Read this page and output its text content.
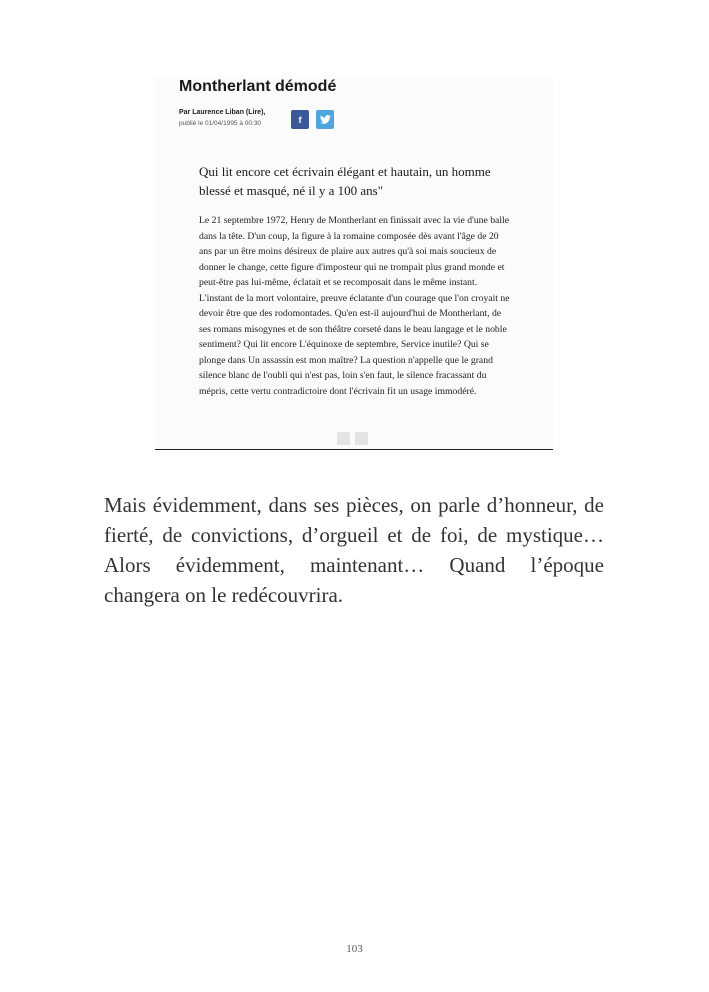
Montherlant démodé
Par Laurence Liban (Lire),
publié le 01/04/1995 à 00:30	f

Qui lit encore cet écrivain élégant et hautain, un homme blessé et masqué, né il y a 100 ans"

Le 21 septembre 1972, Henry de Montherlant en finissait avec la vie d'une balle dans la tête. D'un coup, la figure à la romaine composée dès avant l'âge de 20 ans par un être moins désireux de plaire aux autres qu'à soi mais soucieux de donner le change, cette figure d'imposteur qui ne trompait plus grand monde et peut-être pas lui-même, éclatait et se recomposait dans le même instant. L'instant de la mort volontaire, preuve éclatante d'un courage que l'on croyait ne devoir être que des rodomontades. Qu'en est-il aujourd'hui de Montherlant, de ses romans misogynes et de son théâtre corseté dans le beau langage et le noble sentiment? Qui lit encore L'équinoxe de septembre, Service inutile? Qui se plonge dans Un assassin est mon maître? La question n'appelle que le grand silence blanc de l'oubli qui n'est pas, loin s'en faut, le silence fracassant du mépris, cette vertu contradictoire dont l'écrivain fit un usage immodéré.

Mais évidemment, dans ses pièces, on parle d’honneur, de fierté, de convictions, d’orgueil et de foi, de mystique… Alors évidemment, maintenant… Quand l’époque changera on le redécouvrira.

103
